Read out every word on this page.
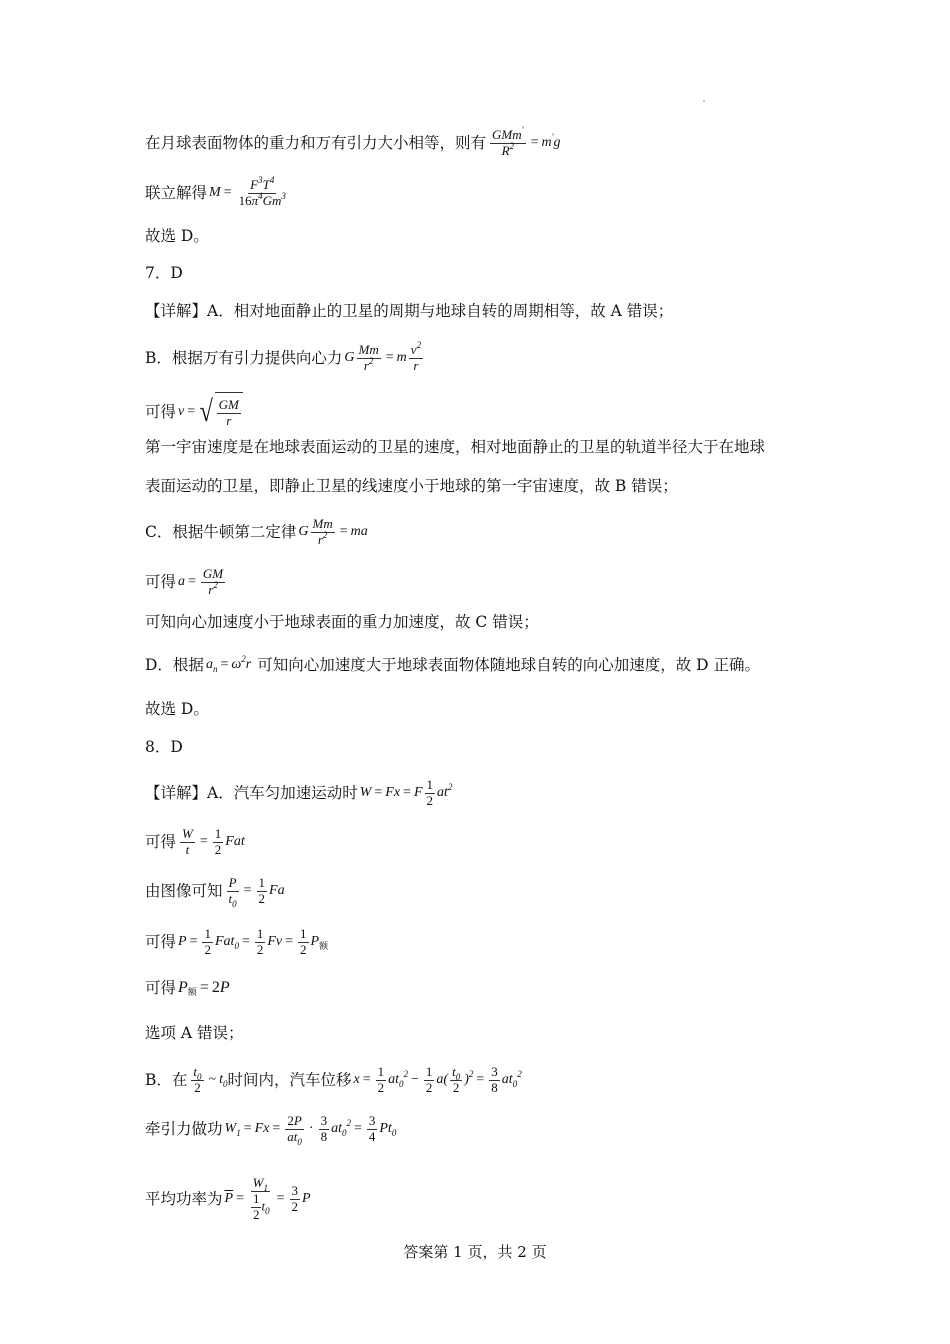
在月球表面物体的重力和万有引力大小相等，则有 $\frac{GMm'}{R^2} = m$ ' g
联立解得 $M = \frac{F^3T^4}{16\pi^4Gm^3}$
故选 D。
7．D
【详解】A．相对地面静止的卫星的周期与地球自转的周期相等，故 A 错误；
B．根据万有引力提供向心力 G $\frac{Mm}{r^2} = m \frac{v^2}{r}$
可得 v = √ $\frac{GM}{r}$
第一宇宙速度是在地球表面运动的卫星的速度，相对地面静止的卫星的轨道半径大于在地球
表面运动的卫星，即静止卫星的线速度小于地球的第一宇宙速度，故 B 错误；
C．根据牛顿第二定律 G $\frac{Mm}{r^2}$ = ma
可得 $a = \frac{GM}{r^2}$
可知向心加速度小于地球表面的重力加速度，故 C 错误；
D．根据 a n = ω 2 r 可知向心加速度大于地球表面物体随地球自转的向心加速度，故 D 正确。
故选 D。
8．D
【详解】A．汽车匀加速运动时 W = Fx = F $\frac{1}{2}$ at 2
可得 $\frac{W}{t} = \frac{1}{2}$ Fat
由图像可知 $\frac{P}{t_0} = \frac{1}{2}$ Fa
可得 $P = \frac{1}{2}$ Fat $0 = \frac{1}{2}$ $Fv = \frac{1}{2}$ P 额
可得 P 额 = 2 P
选项 A 错误；
B．在 $\frac{t_0}{2}$ ~ t 0 时间内，汽车位移 $x = \frac{1}{2}$ at 0
$2 - \frac{1}{2} a( \frac{t_0}{2}$ ) $2 = \frac{3}{8}$ at 0
2
牵引力做功 W $1 = Fx = \frac{2P}{at_0} \cdot \frac{3}{8}$ at 0
$2 = \frac{3}{4}$ Pt 0
平均功率为 $\overline{P} = \frac{W_1}{\frac{1}{2} t_0} = \frac{3}{2}$ P
答案第 1 页，共 2 页
